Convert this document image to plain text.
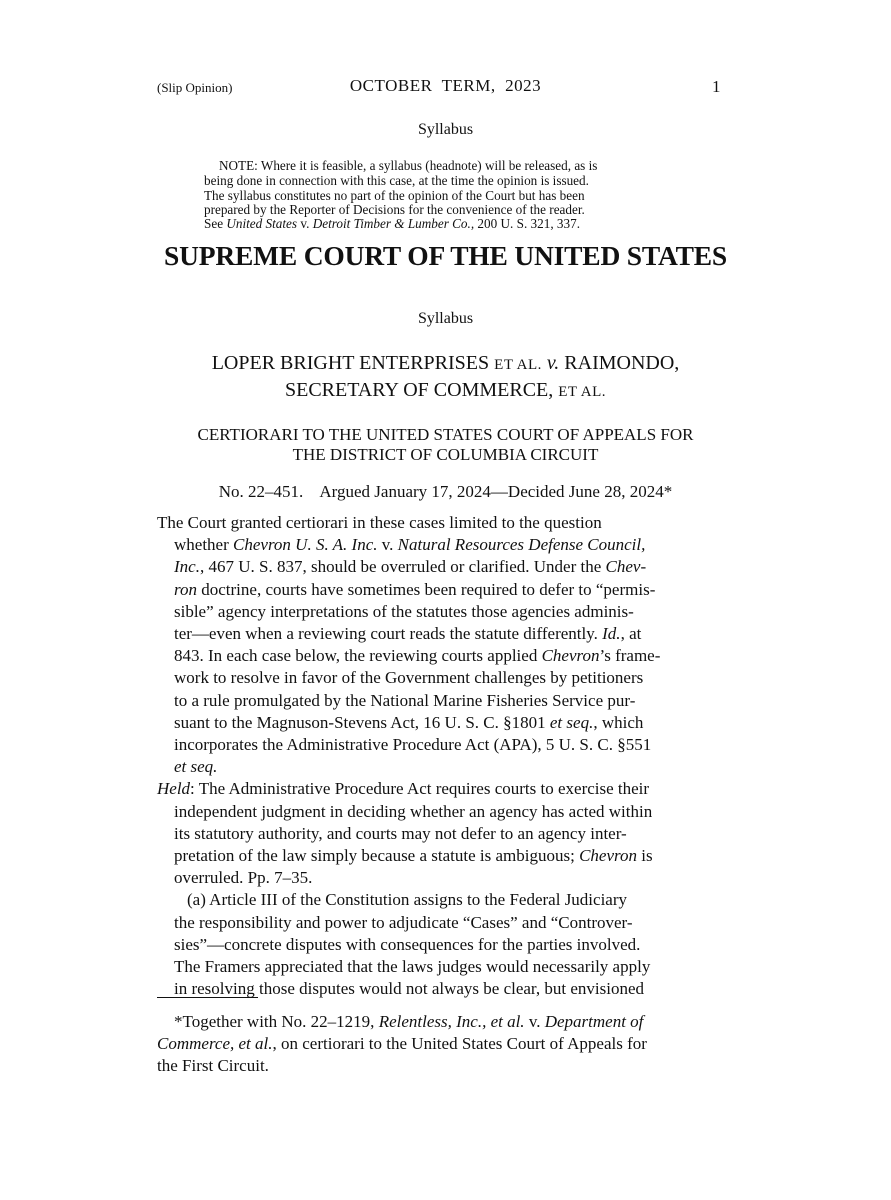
(Slip Opinion)	OCTOBER  TERM,  2023	1
Syllabus
NOTE: Where it is feasible, a syllabus (headnote) will be released, as is
being done in connection with this case, at the time the opinion is issued.
The syllabus constitutes no part of the opinion of the Court but has been
prepared by the Reporter of Decisions for the convenience of the reader.
See United States v. Detroit Timber & Lumber Co., 200 U. S. 321, 337.
SUPREME COURT OF THE UNITED STATES
Syllabus
LOPER BRIGHT ENTERPRISES ET AL. v. RAIMONDO,
SECRETARY OF COMMERCE, ET AL.
CERTIORARI TO THE UNITED STATES COURT OF APPEALS FOR
THE DISTRICT OF COLUMBIA CIRCUIT
No. 22–451.    Argued January 17, 2024—Decided June 28, 2024*
The Court granted certiorari in these cases limited to the question
whether Chevron U. S. A. Inc. v. Natural Resources Defense Council,
Inc., 467 U. S. 837, should be overruled or clarified. Under the Chev-
ron doctrine, courts have sometimes been required to defer to “permis-
sible” agency interpretations of the statutes those agencies adminis-
ter—even when a reviewing court reads the statute differently. Id., at
843. In each case below, the reviewing courts applied Chevron’s frame-
work to resolve in favor of the Government challenges by petitioners
to a rule promulgated by the National Marine Fisheries Service pur-
suant to the Magnuson-Stevens Act, 16 U. S. C. §1801 et seq., which
incorporates the Administrative Procedure Act (APA), 5 U. S. C. §551
et seq.
Held: The Administrative Procedure Act requires courts to exercise their
independent judgment in deciding whether an agency has acted within
its statutory authority, and courts may not defer to an agency inter-
pretation of the law simply because a statute is ambiguous; Chevron is
overruled. Pp. 7–35.
(a) Article III of the Constitution assigns to the Federal Judiciary
the responsibility and power to adjudicate “Cases” and “Controver-
sies”—concrete disputes with consequences for the parties involved.
The Framers appreciated that the laws judges would necessarily apply
in resolving those disputes would not always be clear, but envisioned
*Together with No. 22–1219, Relentless, Inc., et al. v. Department of
Commerce, et al., on certiorari to the United States Court of Appeals for
the First Circuit.
